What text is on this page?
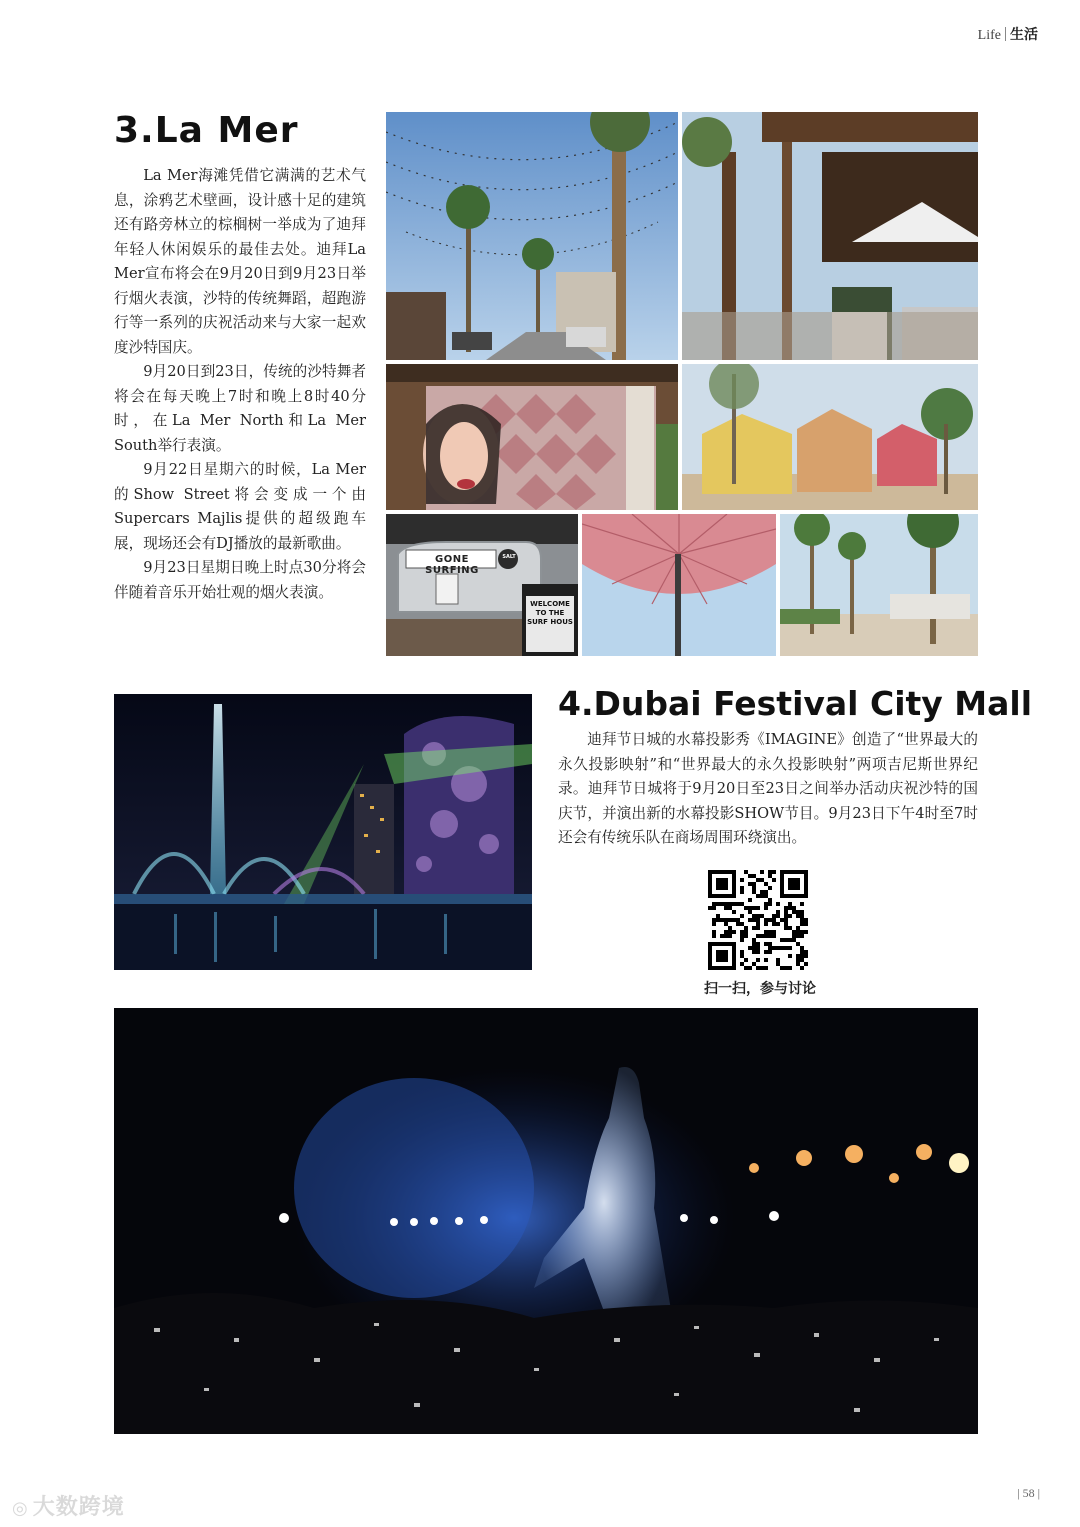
Life 生活
3.La Mer

La Mer海滩凭借它满满的艺术气息，涂鸦艺术壁画，设计感十足的建筑还有路旁林立的棕榈树一举成为了迪拜年轻人休闲娱乐的最佳去处。迪拜La Mer宣布将会在9月20日到9月23日举行烟火表演，沙特的传统舞蹈，超跑游行等一系列的庆祝活动来与大家一起欢度沙特国庆。

9月20日到23日，传统的沙特舞者将会在每天晚上7时和晚上8时40分时，在La Mer North和La Mer South举行表演。

9月22日星期六的时候，La Mer的Show Street将会变成一个由Supercars Majlis提供的超级跑车展，现场还会有DJ播放的最新歌曲。

9月23日星期日晚上时点30分将会伴随着音乐开始壮观的烟火表演。

GONE SURFING
SALT
WELCOME TO THE SURF HOUS
4.Dubai Festival City Mall

迪拜节日城的水幕投影秀《IMAGINE》创造了“世界最大的永久投影映射”和“世界最大的永久投影映射”两项吉尼斯世界纪录。迪拜节日城将于9月20日至23日之间举办活动庆祝沙特的国庆节，并演出新的水幕投影SHOW节目。9月23日下午4时至7时还会有传统乐队在商场周围环绕演出。

扫一扫，参与讨论
| 58 |
◎ 大数跨境
